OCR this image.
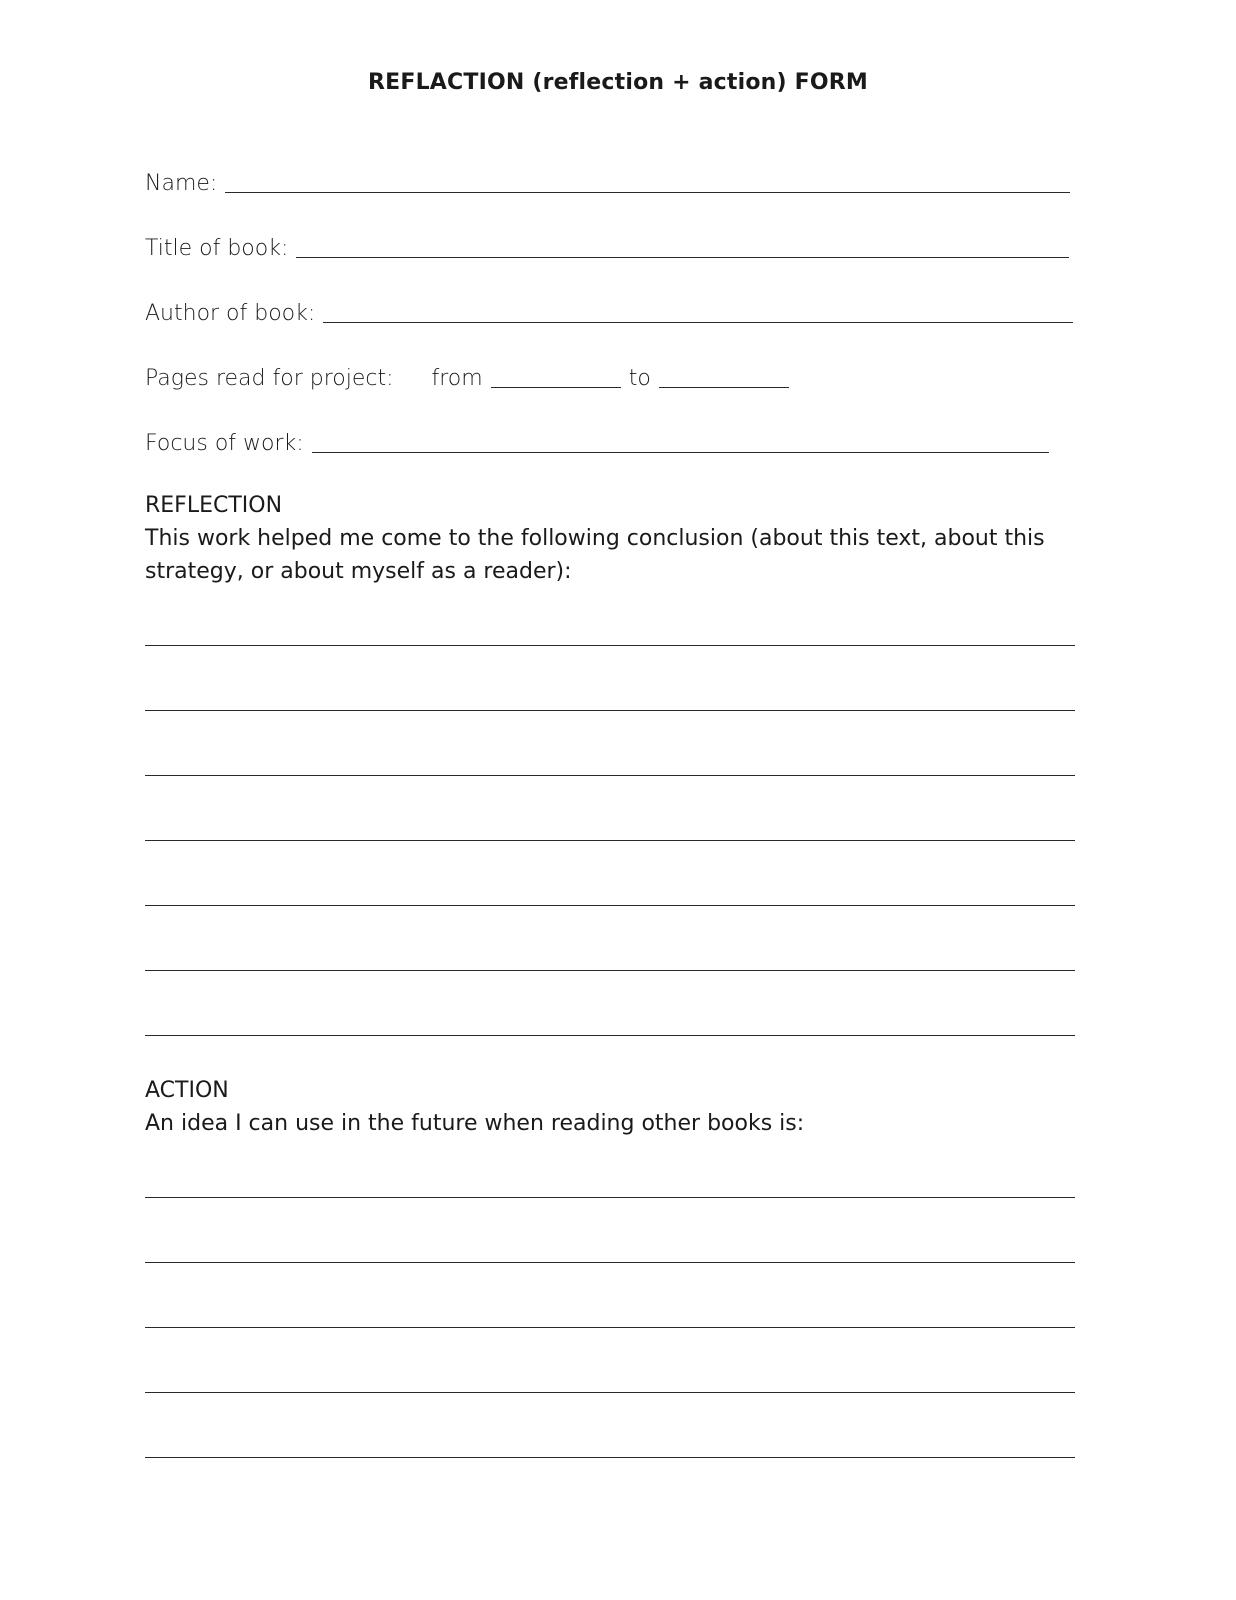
REFLACTION (reflection + action) FORM
Name:
Title of book:
Author of book:
Pages read for project: from	to
Focus of work:
REFLECTION
This work helped me come to the following conclusion (about this text, about this strategy, or about myself as a reader):
ACTION
An idea I can use in the future when reading other books is:
